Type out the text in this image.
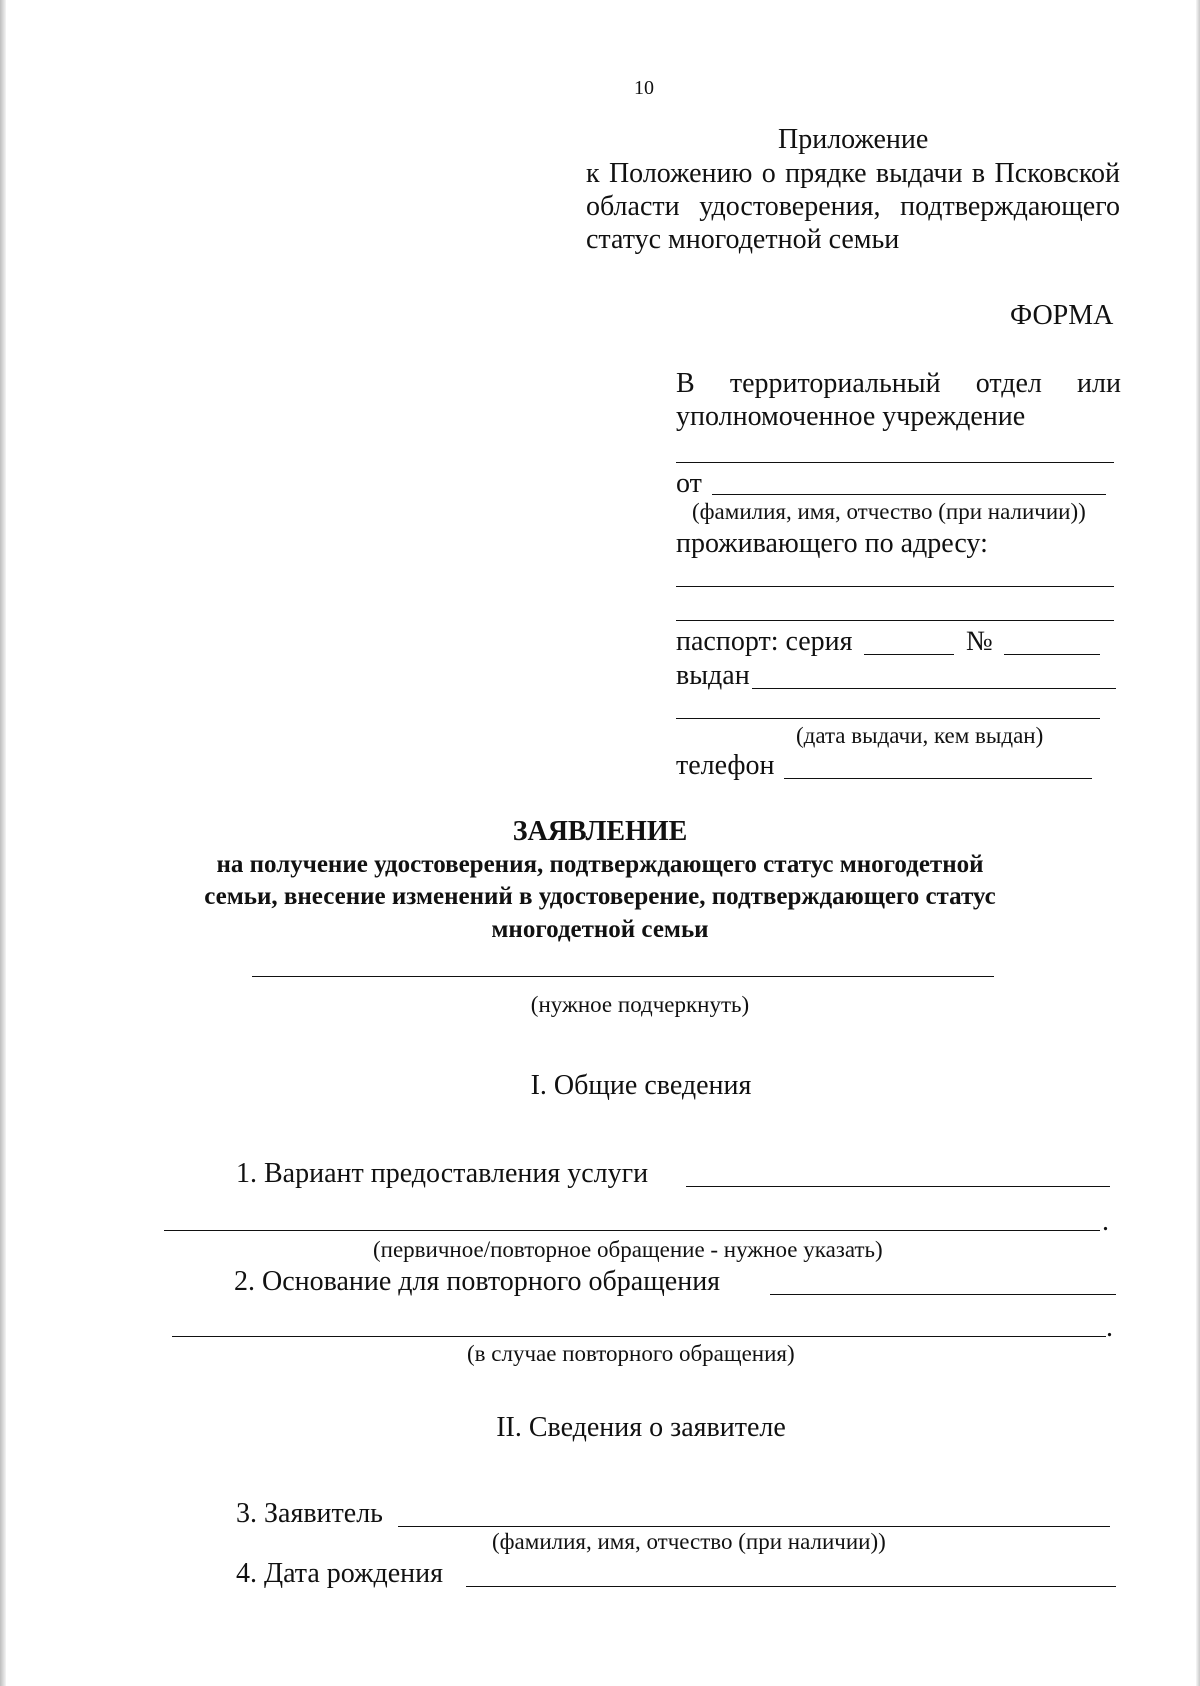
10
Приложение
к Положению о прядке выдачи в Псковской
области удостоверения, подтверждающего
статус многодетной семьи
ФОРМА
В территориальный отдел или
уполномоченное учреждение
от
(фамилия, имя, отчество (при наличии))
проживающего по адресу:
паспорт: серия	№
выдан
(дата выдачи, кем выдан)
телефон
ЗАЯВЛЕНИЕ
на получение удостоверения, подтверждающего статус многодетной
семьи, внесение изменений в удостоверение, подтверждающего статус
многодетной семьи
(нужное подчеркнуть)
I. Общие сведения
1. Вариант предоставления услуги
.
(первичное/повторное обращение - нужное указать)
2. Основание для повторного обращения
.
(в случае повторного обращения)
II. Сведения о заявителе
3. Заявитель
(фамилия, имя, отчество (при наличии))
4. Дата рождения
